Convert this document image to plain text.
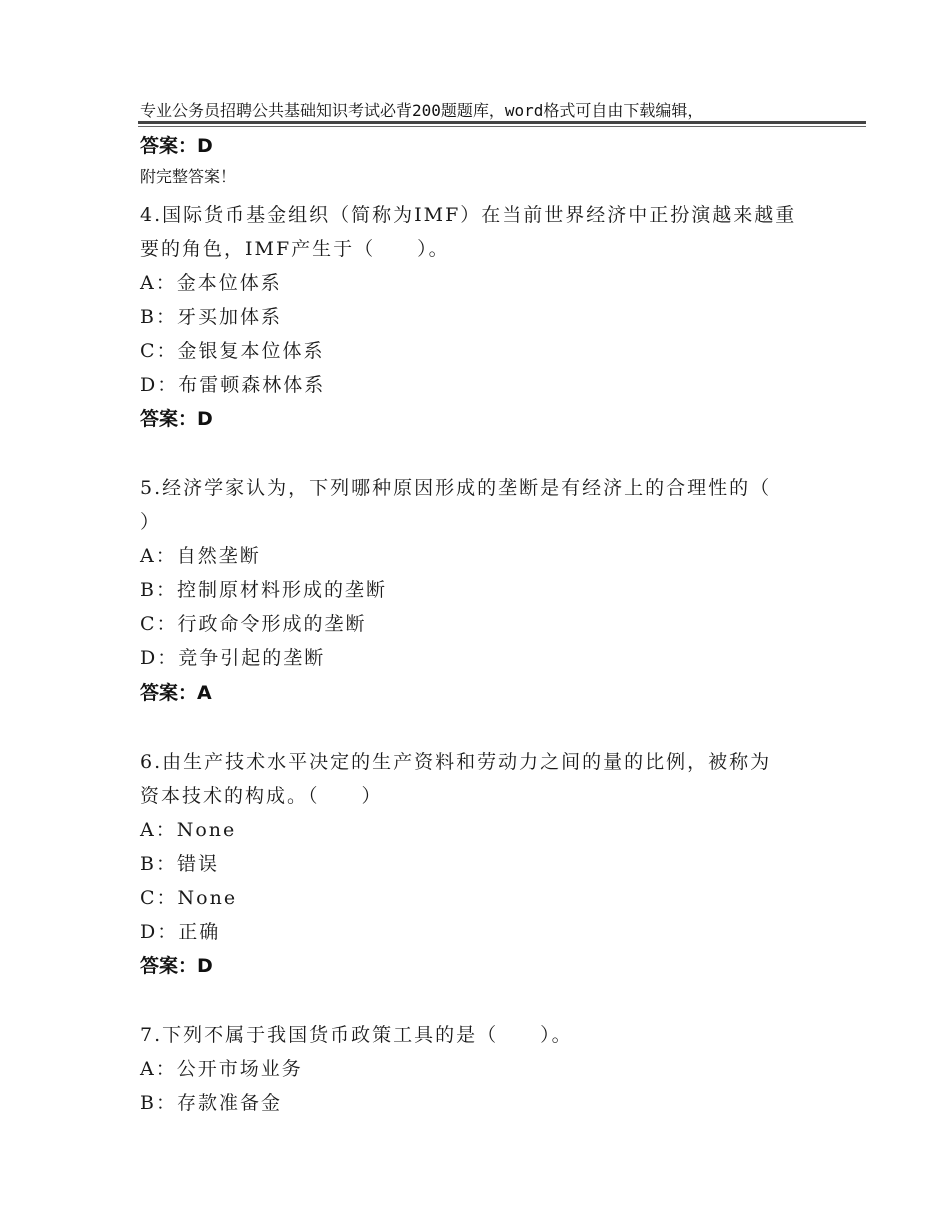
专业公务员招聘公共基础知识考试必背200题题库，word格式可自由下载编辑，

附完整答案！

答案：D
4.国际货币基金组织（简称为IMF）在当前世界经济中正扮演越来越重
要的角色，IMF产生于（　　）。
A：金本位体系
B：牙买加体系
C：金银复本位体系
D：布雷顿森林体系
答案：D
5.经济学家认为，下列哪种原因形成的垄断是有经济上的合理性的（
）
A：自然垄断
B：控制原材料形成的垄断
C：行政命令形成的垄断
D：竞争引起的垄断
答案：A
6.由生产技术水平决定的生产资料和劳动力之间的量的比例，被称为
资本技术的构成。（　　）
A：None
B：错误
C：None
D：正确
答案：D
7.下列不属于我国货币政策工具的是（　　）。
A：公开市场业务
B：存款准备金
